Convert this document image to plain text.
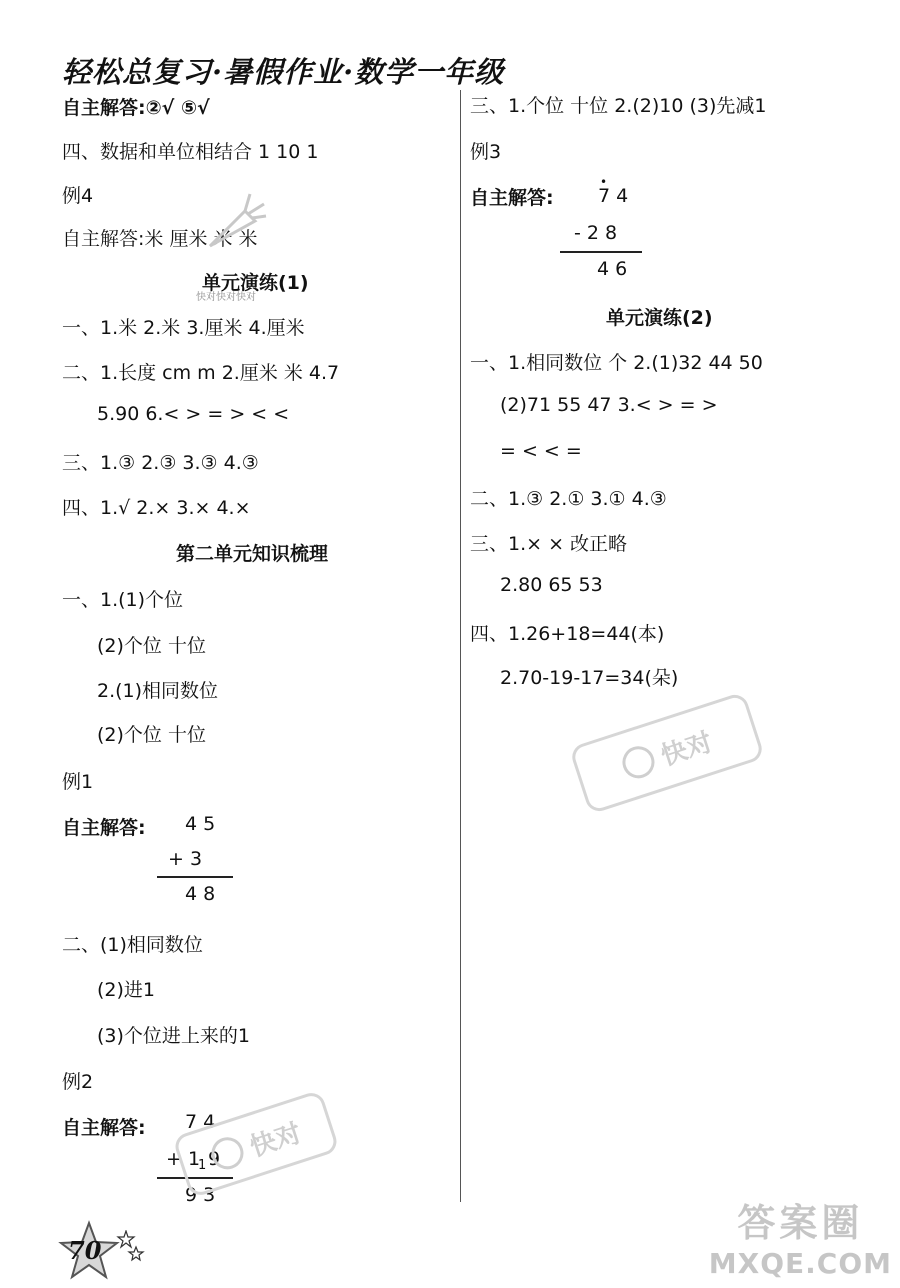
轻松总复习·暑假作业·数学一年级
自主解答:②√ ⑤√
四、数据和单位相结合 1 10 1
例4
自主解答:米 厘米 米 米
单元演练(1)
快对快对快对
一、1.米 2.米 3.厘米 4.厘米
二、1.长度 cm m 2.厘米 米 4.7
5.90 6.< > = > < <
三、1.③ 2.③ 3.③ 4.③
四、1.√ 2.× 3.× 4.×
第二单元知识梳理
一、1.(1)个位
(2)个位 十位
2.(1)相同数位
(2)个位 十位
例1
自主解答: 4 5
+ 3
4 8
二、(1)相同数位
(2)进1
(3)个位进上来的1
例2
自主解答: 7 4
+ 1
1 9
9 3
三、1.个位 十位 2.(2)10 (3)先减1
例3
自主解答:
•
7 4
- 2 8
4 6
单元演练(2)
一、1.相同数位 个 2.(1)32 44 50
(2)71 55 47 3.< > = >
= < < =
二、1.③ 2.① 3.① 4.③
三、1.× × 改正略
2.80 65 53
四、1.26+18=44(本)
2.70-19-17=34(朵)
快对
快对
答案圈
MXQE.COM
70
